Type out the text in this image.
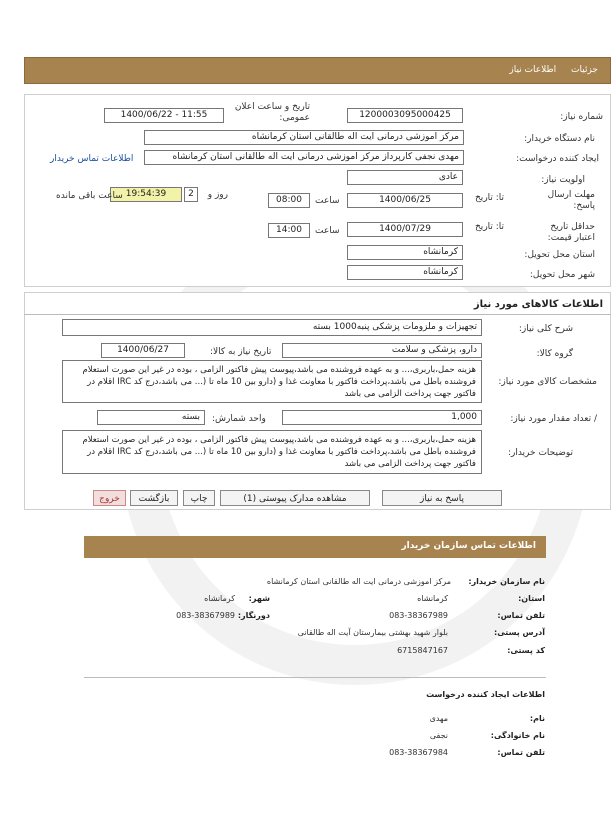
جزئیات اطلاعات نیاز
شماره نیاز:
1200003095000425
تاریخ و ساعت اعلان عمومی:
1400/06/22 - 11:55
نام دستگاه خریدار:
مرکز اموزشی درمانی ایت اله طالقانی استان کرمانشاه
ایجاد کننده درخواست:
مهدی نجفی کارپرداز مرکز اموزشی درمانی ایت اله طالقانی استان کرمانشاه
اطلاعات تماس خریدار
اولویت نیاز:
عادی
مهلت ارسال پاسخ:
تا: تاریخ
1400/06/25
ساعت
08:00
2	روز و
19:54:39
ساعت باقی مانده
حداقل تاریخ اعتبار قیمت:
تا: تاریخ
1400/07/29
ساعت
14:00
استان محل تحویل:
کرمانشاه
شهر محل تحویل:
کرمانشاه
اطلاعات کالاهای مورد نیاز
شرح کلی نیاز:
تجهیزات و ملزومات پزشکی پنبه1000 بسته
گروه کالا:
دارو، پزشکی و سلامت
تاریخ نیاز به کالا:
1400/06/27
مشخصات کالای مورد نیاز:
هزینه حمل،باربری،... و به عهده فروشنده می باشد،پیوست پیش فاکتور الزامی ، بوده در غیر این صورت استعلام فروشنده باطل می باشد،پرداخت فاکتور با معاونت غذا و (دارو بین 10 ماه تا (... می باشد،درج کد IRC اقلام در فاکتور جهت پرداخت الزامی می باشد
/ تعداد مقدار مورد نیاز:
1,000
واحد شمارش:
بسته
توضیحات خریدار:
هزینه حمل،باربری،... و به عهده فروشنده می باشد،پیوست پیش فاکتور الزامی ، بوده در غیر این صورت استعلام فروشنده باطل می باشد،پرداخت فاکتور با معاونت غذا و (دارو بین 10 ماه تا (... می باشد،درج کد IRC اقلام در فاکتور جهت پرداخت الزامی می باشد
پاسخ به نیاز
مشاهده مدارک پیوستی (1)
چاپ
بازگشت
خروج
اطلاعات تماس سازمان خریدار
نام سازمان خریدار:
مرکز اموزشی درمانی ایت اله طالقانی استان کرمانشاه
استان:
کرمانشاه
شهر:
کرمانشاه
تلفن تماس:
083-38367989
دورنگار:
083-38367989
آدرس پستی:
بلوار شهید بهشتی بیمارستان آیت اله طالقانی
کد پستی:
6715847167
اطلاعات ایجاد کننده درخواست
نام:
مهدی
نام خانوادگی:
نجفی
تلفن تماس:
083-38367984
